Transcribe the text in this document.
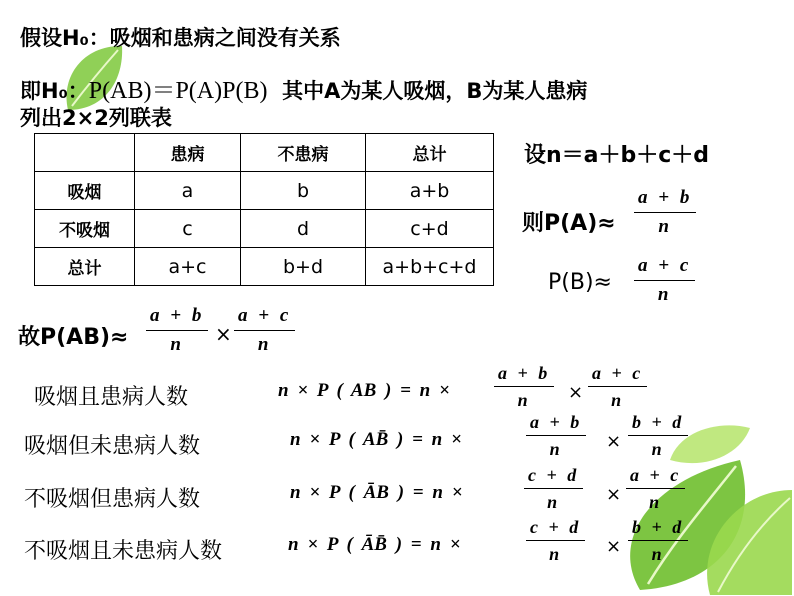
假设H₀：吸烟和患病之间没有关系
即H₀：P(AB)＝P(A)P(B) 其中A为某人吸烟，B为某人患病
列出2×2列联表
	患病	不患病	总计
吸烟	a	b	a+b
不吸烟	c	d	c+d
总计	a+c	b+d	a+b+c+d
设n＝a＋b＋c＋d
则P(A)≈
a + b
n
P(B)≈
a + c
n
故P(AB)≈
a + b
n ×
a + c
n
吸烟且患病人数	n × P ( AB ) = n ×
a + b
n
a + c
n
×
吸烟但未患病人数	n × P ( AB̄ ) = n ×
a + b
n
b + d
n
×
不吸烟但患病人数	n × P ( ĀB ) = n ×
c + d
n
a + c
n
×
不吸烟且未患病人数	n × P ( ĀB̄ ) = n ×
c + d
n
b + d
n
×
